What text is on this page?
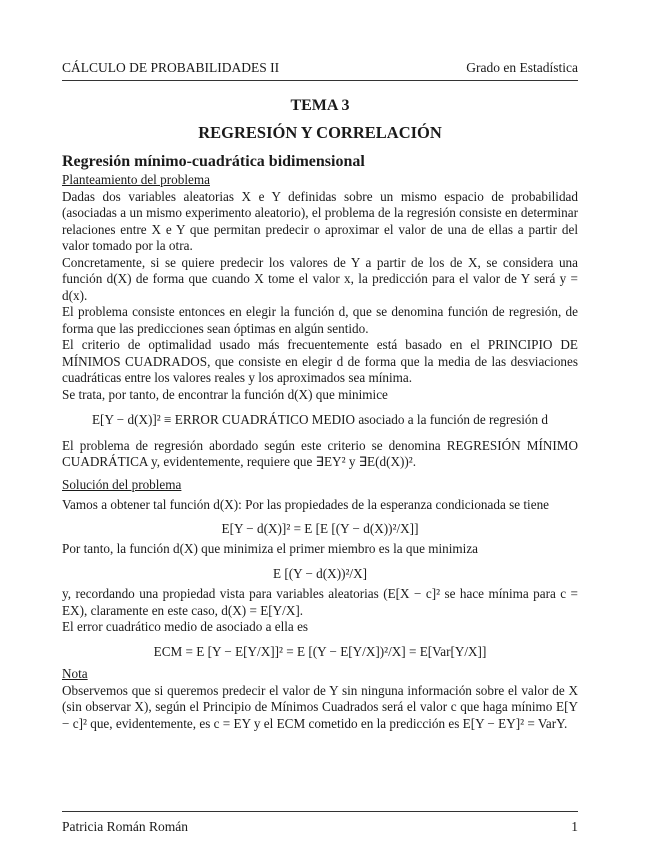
CÁLCULO DE PROBABILIDADES II	Grado en Estadística

TEMA 3

REGRESIÓN Y CORRELACIÓN

Regresión mínimo-cuadrática bidimensional

Planteamiento del problema

Dadas dos variables aleatorias X e Y definidas sobre un mismo espacio de probabilidad (asociadas a un mismo experimento aleatorio), el problema de la regresión consiste en determinar relaciones entre X e Y que permitan predecir o aproximar el valor de una de ellas a partir del valor tomado por la otra.

Concretamente, si se quiere predecir los valores de Y a partir de los de X, se considera una función d(X) de forma que cuando X tome el valor x, la predicción para el valor de Y será y = d(x).

El problema consiste entonces en elegir la función d, que se denomina función de regresión, de forma que las predicciones sean óptimas en algún sentido.

El criterio de optimalidad usado más frecuentemente está basado en el PRINCIPIO DE MÍNIMOS CUADRADOS, que consiste en elegir d de forma que la media de las desviaciones cuadráticas entre los valores reales y los aproximados sea mínima.

Se trata, por tanto, de encontrar la función d(X) que minimice

E[Y − d(X)]² ≡ ERROR CUADRÁTICO MEDIO asociado a la función de regresión d

El problema de regresión abordado según este criterio se denomina REGRESIÓN MÍNIMO CUADRÁTICA y, evidentemente, requiere que ∃EY² y ∃E(d(X))².

Solución del problema

Vamos a obtener tal función d(X): Por las propiedades de la esperanza condicionada se tiene

E[Y − d(X)]² = E [E [(Y − d(X))²/X]]

Por tanto, la función d(X) que minimiza el primer miembro es la que minimiza

E [(Y − d(X))²/X]

y, recordando una propiedad vista para variables aleatorias (E[X − c]² se hace mínima para c = EX), claramente en este caso, d(X) = E[Y/X].

El error cuadrático medio de asociado a ella es

ECM = E [Y − E[Y/X]]² = E [(Y − E[Y/X])²/X] = E[Var[Y/X]]

Nota

Observemos que si queremos predecir el valor de Y sin ninguna información sobre el valor de X (sin observar X), según el Principio de Mínimos Cuadrados será el valor c que haga mínimo E[Y − c]² que, evidentemente, es c = EY y el ECM cometido en la predicción es E[Y − EY]² = VarY.

Patricia Román Román	1
